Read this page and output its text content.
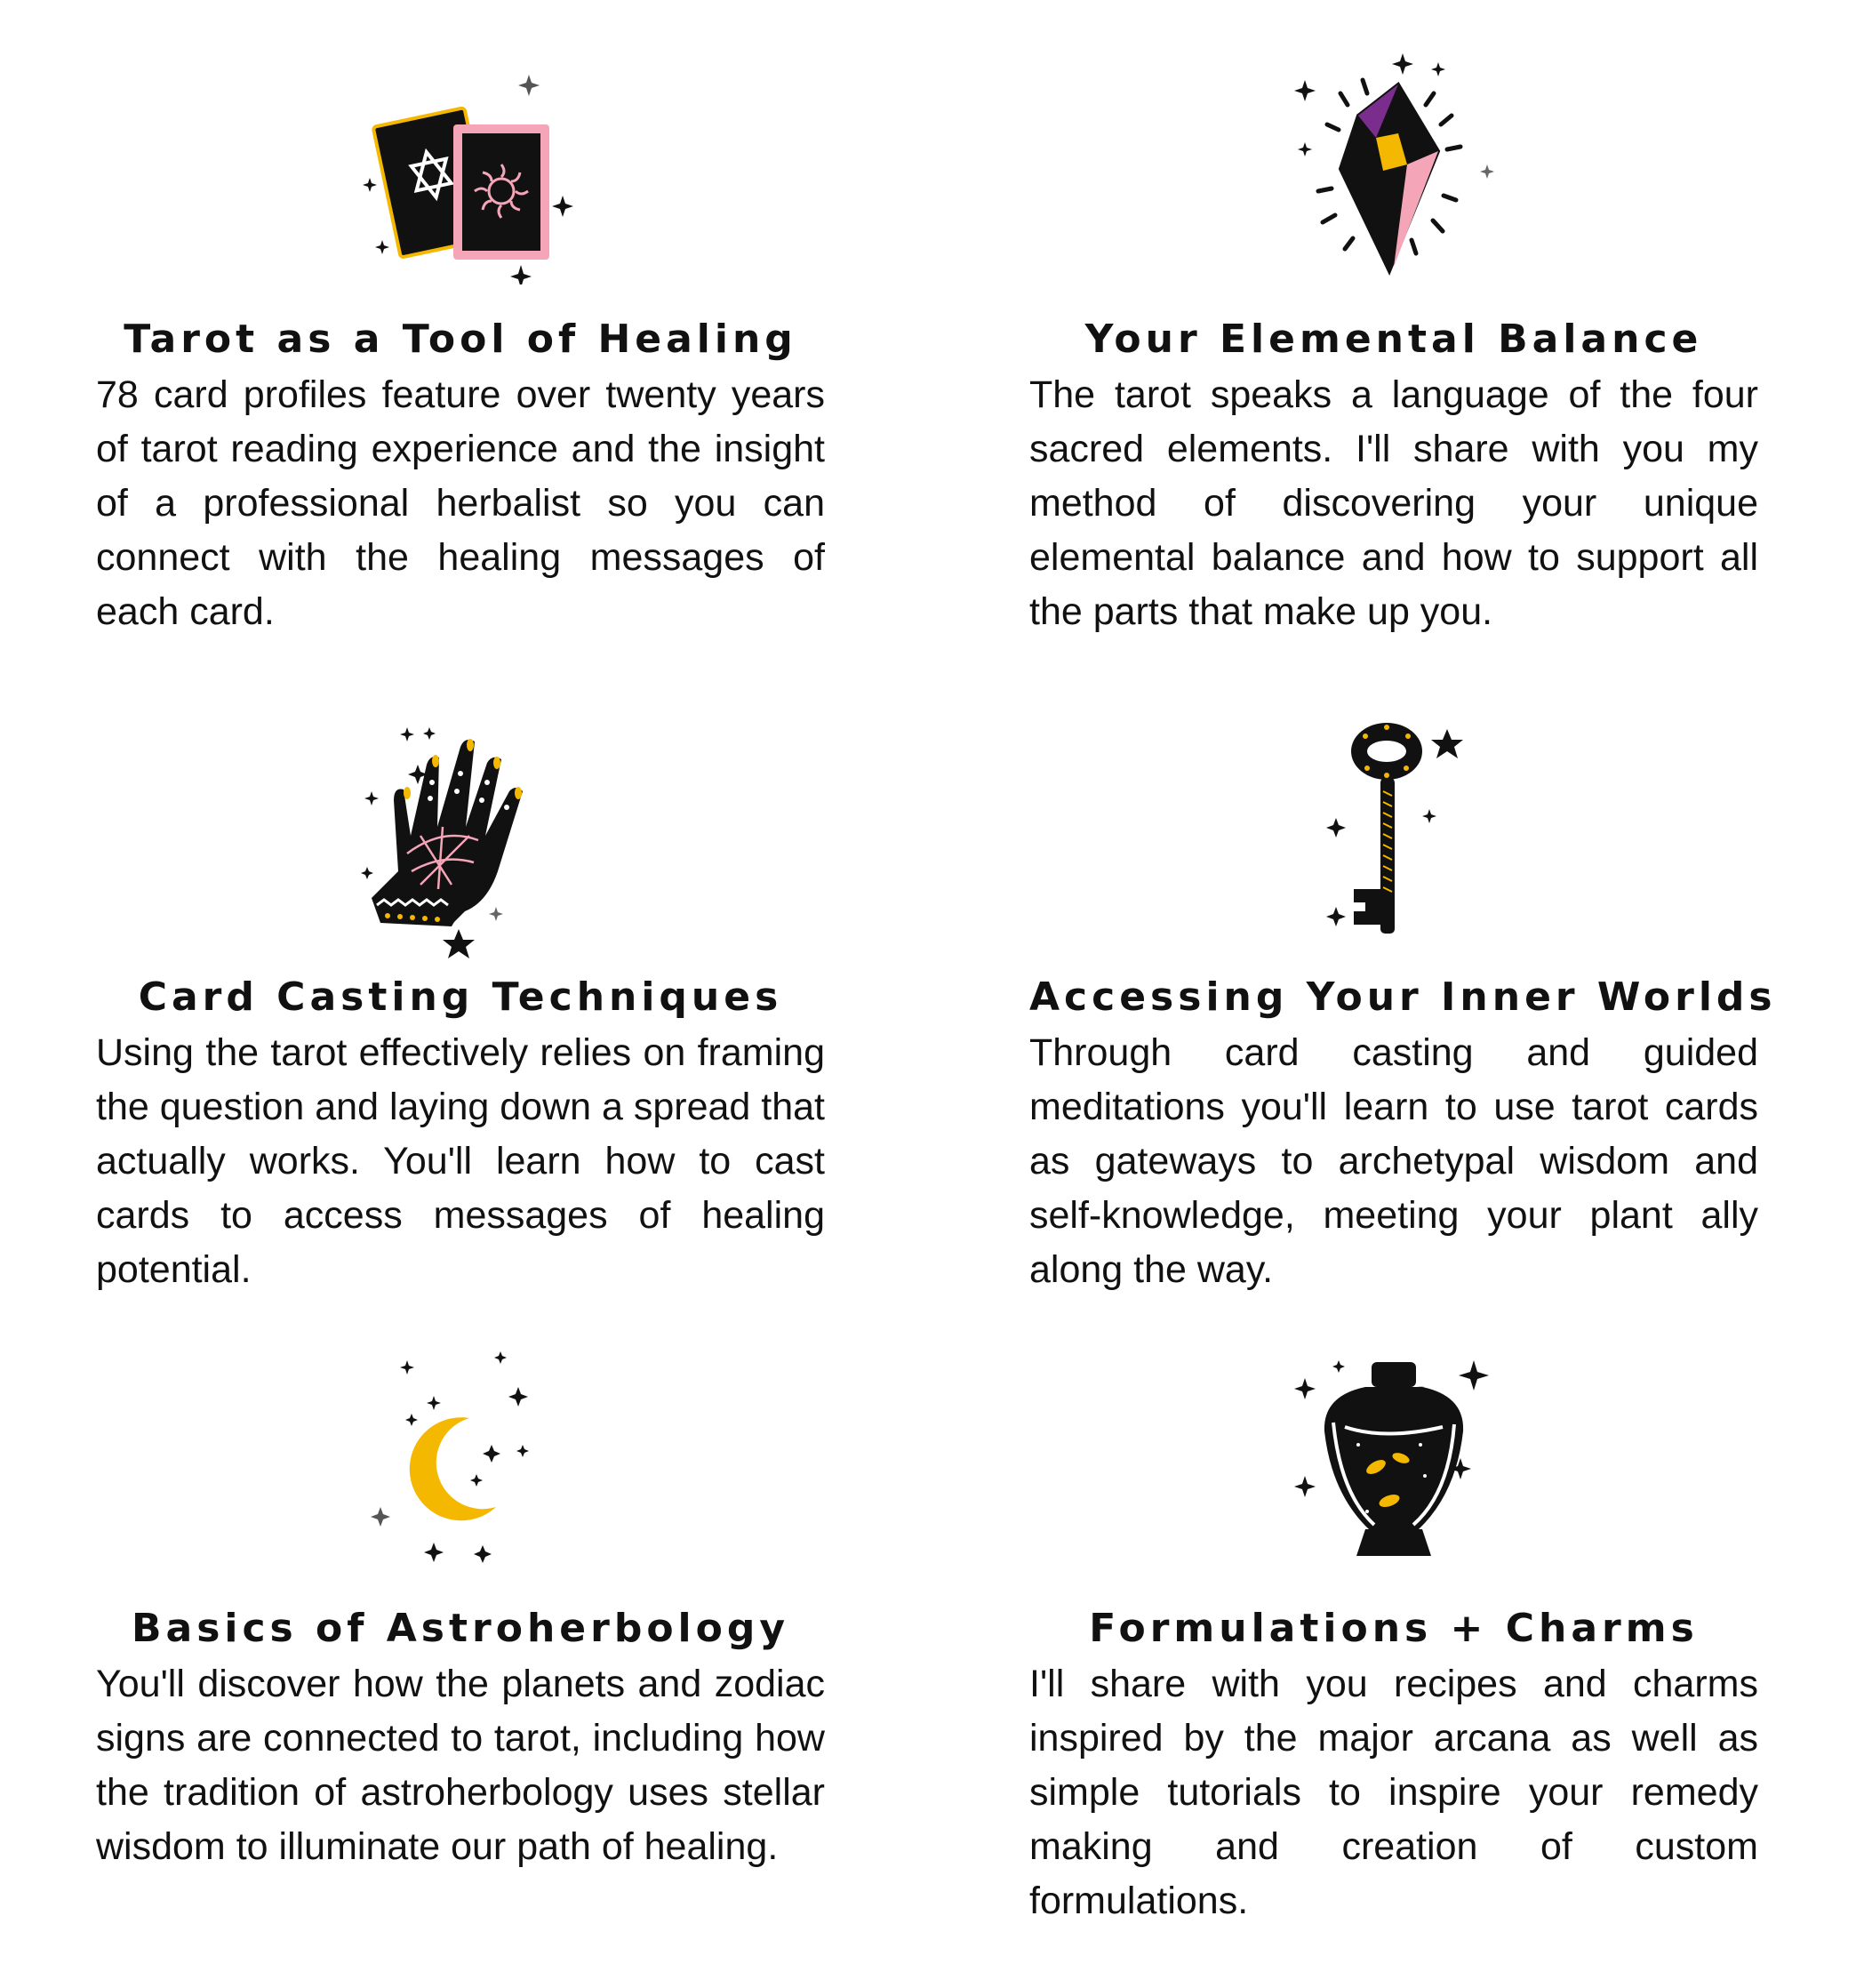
Tarot as a Tool of Healing

78 card profiles feature over twenty years of tarot reading experience and the insight of a professional herbalist so you can connect with the healing messages of each card.

Your Elemental Balance

The tarot speaks a language of the four sacred elements. I'll share with you my method of discovering your unique elemental balance and how to support all the parts that make up you.

Card Casting Techniques

Using the tarot effectively relies on framing the question and laying down a spread that actually works. You'll learn how to cast cards to access messages of healing potential.

Accessing Your Inner Worlds

Through card casting and guided meditations you'll learn to use tarot cards as gateways to archetypal wisdom and self-knowledge, meeting your plant ally along the way.

Basics of Astroherbology

You'll discover how the planets and zodiac signs are connected to tarot, including how the tradition of astroherbology uses stellar wisdom to illuminate our path of healing.

Formulations + Charms

I'll share with you recipes and charms inspired by the major arcana as well as simple tutorials to inspire your remedy making and creation of custom formulations.
